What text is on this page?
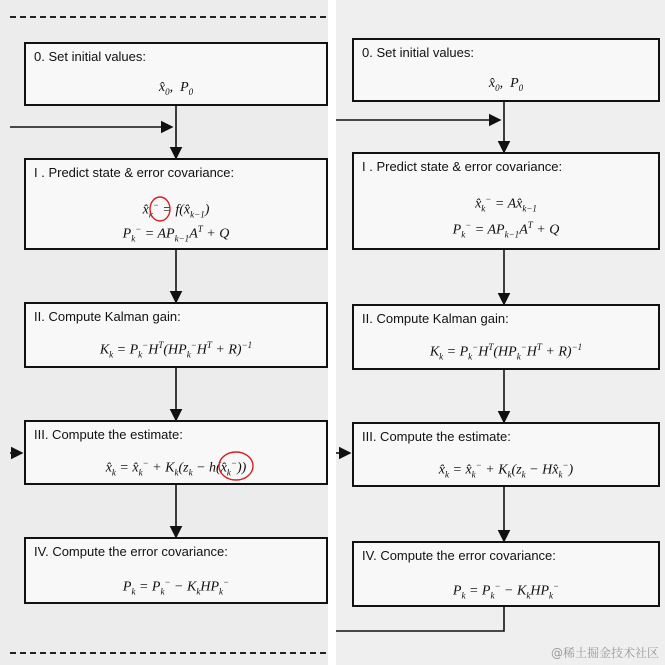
0. Set initial values:
$x̂_0$,  $P_0$
I . Predict state & error covariance:
$x̂_k^-$ = $f(x̂_{k-1})$
$P_k^- = AP_{k-1}A^T + Q$
II. Compute Kalman gain:
$K_k = P_k^-H^T(HP_k^-H^T + R)^{-1}$
III. Compute the estimate:
$x̂_k$ = $x̂_k^- + K_k(z_k$ − $h(x̂_k^-)$)
IV. Compute the error covariance:
$P_k = P_k^- - K_kHP_k^-$
0. Set initial values:
$x̂_0$,  $P_0$
I . Predict state & error covariance:
$x̂_k^-$ = $Ax̂_{k-1}$
$P_k^- = AP_{k-1}A^T + Q$
II. Compute Kalman gain:
$K_k = P_k^-H^T(HP_k^-H^T + R)^{-1}$
III. Compute the estimate:
$x̂_k$ = $x̂_k^- + K_k(z_k$ − $Hx̂_k^-$)
IV. Compute the error covariance:
$P_k = P_k^- - K_kHP_k^-$
@稀土掘金技术社区
